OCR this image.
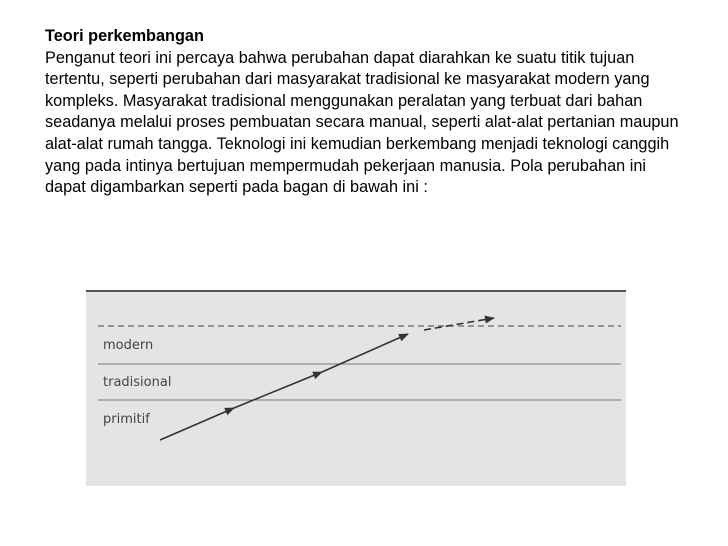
Teori perkembangan
Penganut teori ini percaya bahwa perubahan dapat diarahkan ke suatu titik tujuan tertentu, seperti perubahan dari masyarakat tradisional ke masyarakat modern yang kompleks. Masyarakat tradisional menggunakan peralatan yang terbuat dari bahan seadanya melalui proses pembuatan secara manual, seperti alat-alat pertanian maupun alat-alat rumah tangga. Teknologi ini kemudian berkembang menjadi teknologi canggih yang pada intinya bertujuan mempermudah pekerjaan manusia. Pola perubahan ini dapat digambarkan seperti pada bagan di bawah ini :
modern
tradisional
primitif
